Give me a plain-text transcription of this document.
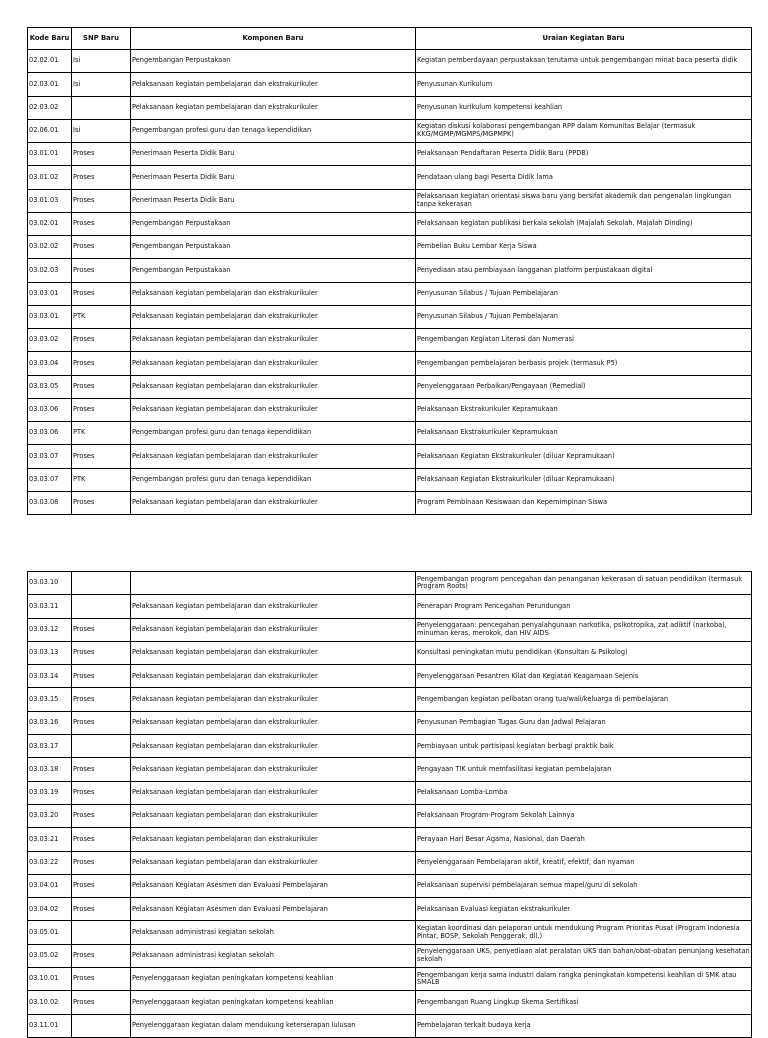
Kode Baru	SNP Baru	Komponen Baru	Uraian Kegiatan Baru
02.02.01	Isi	Pengembangan Perpustakaan	Kegiatan pemberdayaan perpustakaan terutama untuk pengembangan minat baca peserta didik
02.03.01	Isi	Pelaksanaan kegiatan pembelajaran dan ekstrakurikuler	Penyusunan Kurikulum
02.03.02		Pelaksanaan kegiatan pembelajaran dan ekstrakurikuler	Penyusunan kurikulum kompetensi keahlian
02.06.01	Isi	Pengembangan profesi guru dan tenaga kependidikan	Kegiatan diskusi kolaborasi pengembangan RPP dalam Komunitas Belajar (termasuk KKG/MGMP/MGMPS/MGPMPK)
03.01.01	Proses	Penerimaan Peserta Didik Baru	Pelaksanaan Pendaftaran Peserta Didik Baru (PPDB)
03.01.02	Proses	Penerimaan Peserta Didik Baru	Pendataan ulang bagi Peserta Didik lama
03.01.03	Proses	Penerimaan Peserta Didik Baru	Pelaksanaan kegiatan orientasi siswa baru yang bersifat akademik dan pengenalan lingkungan tanpa kekerasan
03.02.01	Proses	Pengembangan Perpustakaan	Pelaksanaan kegiatan publikasi berkala sekolah (Majalah Sekolah, Majalah Dinding)
03.02.02	Proses	Pengembangan Perpustakaan	Pembelian Buku Lembar Kerja Siswa
03.02.03	Proses	Pengembangan Perpustakaan	Penyediaan atau pembiayaan langganan platform perpustakaan digital
03.03.01	Proses	Pelaksanaan kegiatan pembelajaran dan ekstrakurikuler	Penyusunan Silabus / Tujuan Pembelajaran
03.03.01	PTK	Pelaksanaan kegiatan pembelajaran dan ekstrakurikuler	Penyusunan Silabus / Tujuan Pembelajaran
03.03.02	Proses	Pelaksanaan kegiatan pembelajaran dan ekstrakurikuler	Pengembangan Kegiatan Literasi dan Numerasi
03.03.04	Proses	Pelaksanaan kegiatan pembelajaran dan ekstrakurikuler	Pengembangan pembelajaran berbasis projek (termasuk P5)
03.03.05	Proses	Pelaksanaan kegiatan pembelajaran dan ekstrakurikuler	Penyelenggaraan Perbaikan/Pengayaan (Remedial)
03.03.06	Proses	Pelaksanaan kegiatan pembelajaran dan ekstrakurikuler	Pelaksanaan Ekstrakurikuler Kepramukaan
03.03.06	PTK	Pengembangan profesi guru dan tenaga kependidikan	Pelaksanaan Ekstrakurikuler Kepramukaan
03.03.07	Proses	Pelaksanaan kegiatan pembelajaran dan ekstrakurikuler	Pelaksanaan Kegiatan Ekstrakurikuler (diluar Kepramukaan)
03.03.07	PTK	Pengembangan profesi guru dan tenaga kependidikan	Pelaksanaan Kegiatan Ekstrakurikuler (diluar Kepramukaan)
03.03.08	Proses	Pelaksanaan kegiatan pembelajaran dan ekstrakurikuler	Program Pembinaan Kesiswaan dan Kepemimpinan Siswa
03.03.10			Pengembangan program pencegahan dan penanganan kekerasan di satuan pendidikan (termasuk Program Roots)
03.03.11		Pelaksanaan kegiatan pembelajaran dan ekstrakurikuler	Penerapan Program Pencegahan Perundungan
03.03.12	Proses	Pelaksanaan kegiatan pembelajaran dan ekstrakurikuler	Penyelenggaraan: pencegahan penyalahgunaan narkotika, psikotropika, zat adiktif (narkoba), minuman keras, merokok, dan HIV AIDS
03.03.13	Proses	Pelaksanaan kegiatan pembelajaran dan ekstrakurikuler	Konsultasi peningkatan mutu pendidikan (Konsultan & Psikolog)
03.03.14	Proses	Pelaksanaan kegiatan pembelajaran dan ekstrakurikuler	Penyelenggaraan Pesantren Kilat dan Kegiatan Keagamaan Sejenis
03.03.15	Proses	Pelaksanaan kegiatan pembelajaran dan ekstrakurikuler	Pengembangan kegiatan pelibatan orang tua/wali/keluarga di pembelajaran
03.03.16	Proses	Pelaksanaan kegiatan pembelajaran dan ekstrakurikuler	Penyusunan Pembagian Tugas Guru dan Jadwal Pelajaran
03.03.17		Pelaksanaan kegiatan pembelajaran dan ekstrakurikuler	Pembiayaan untuk partisipasi kegiatan berbagi praktik baik
03.03.18	Proses	Pelaksanaan kegiatan pembelajaran dan ekstrakurikuler	Pengayaan TIK untuk memfasilitasi kegiatan pembelajaran
03.03.19	Proses	Pelaksanaan kegiatan pembelajaran dan ekstrakurikuler	Pelaksanaan Lomba-Lomba
03.03.20	Proses	Pelaksanaan kegiatan pembelajaran dan ekstrakurikuler	Pelaksanaan Program-Program Sekolah Lainnya
03.03.21	Proses	Pelaksanaan kegiatan pembelajaran dan ekstrakurikuler	Perayaan Hari Besar Agama, Nasional, dan Daerah
03.03.22	Proses	Pelaksanaan kegiatan pembelajaran dan ekstrakurikuler	Penyelenggaraan Pembelajaran aktif, kreatif, efektif, dan nyaman
03.04.01	Proses	Pelaksanaan Kegiatan Asesmen dan Evaluasi Pembelajaran	Pelaksanaan supervisi pembelajaran semua mapel/guru di sekolah
03.04.02	Proses	Pelaksanaan Kegiatan Asesmen dan Evaluasi Pembelajaran	Pelaksanaan Evaluasi kegiatan ekstrakurikuler
03.05.01		Pelaksanaan administrasi kegiatan sekolah	Kegiatan koordinasi dan pelaporan untuk mendukung Program Prioritas Pusat (Program Indonesia Pintar, BOSP, Sekolah Penggerak, dll.)
03.05.02	Proses	Pelaksanaan administrasi kegiatan sekolah	Penyelenggaraan UKS, penyediaan alat peralatan UKS dan bahan/obat-obatan penunjang kesehatan sekolah
03.10.01	Proses	Penyelenggaraan kegiatan peningkatan kompetensi keahlian	Pengembangan kerja sama industri dalam rangka peningkatan kompetensi keahlian di SMK atau SMALB
03.10.02	Proses	Penyelenggaraan kegiatan peningkatan kompetensi keahlian	Pengembangan Ruang Lingkup Skema Sertifikasi
03.11.01		Penyelenggaraan kegiatan dalam mendukung keterserapan lulusan	Pembelajaran terkait budaya kerja
